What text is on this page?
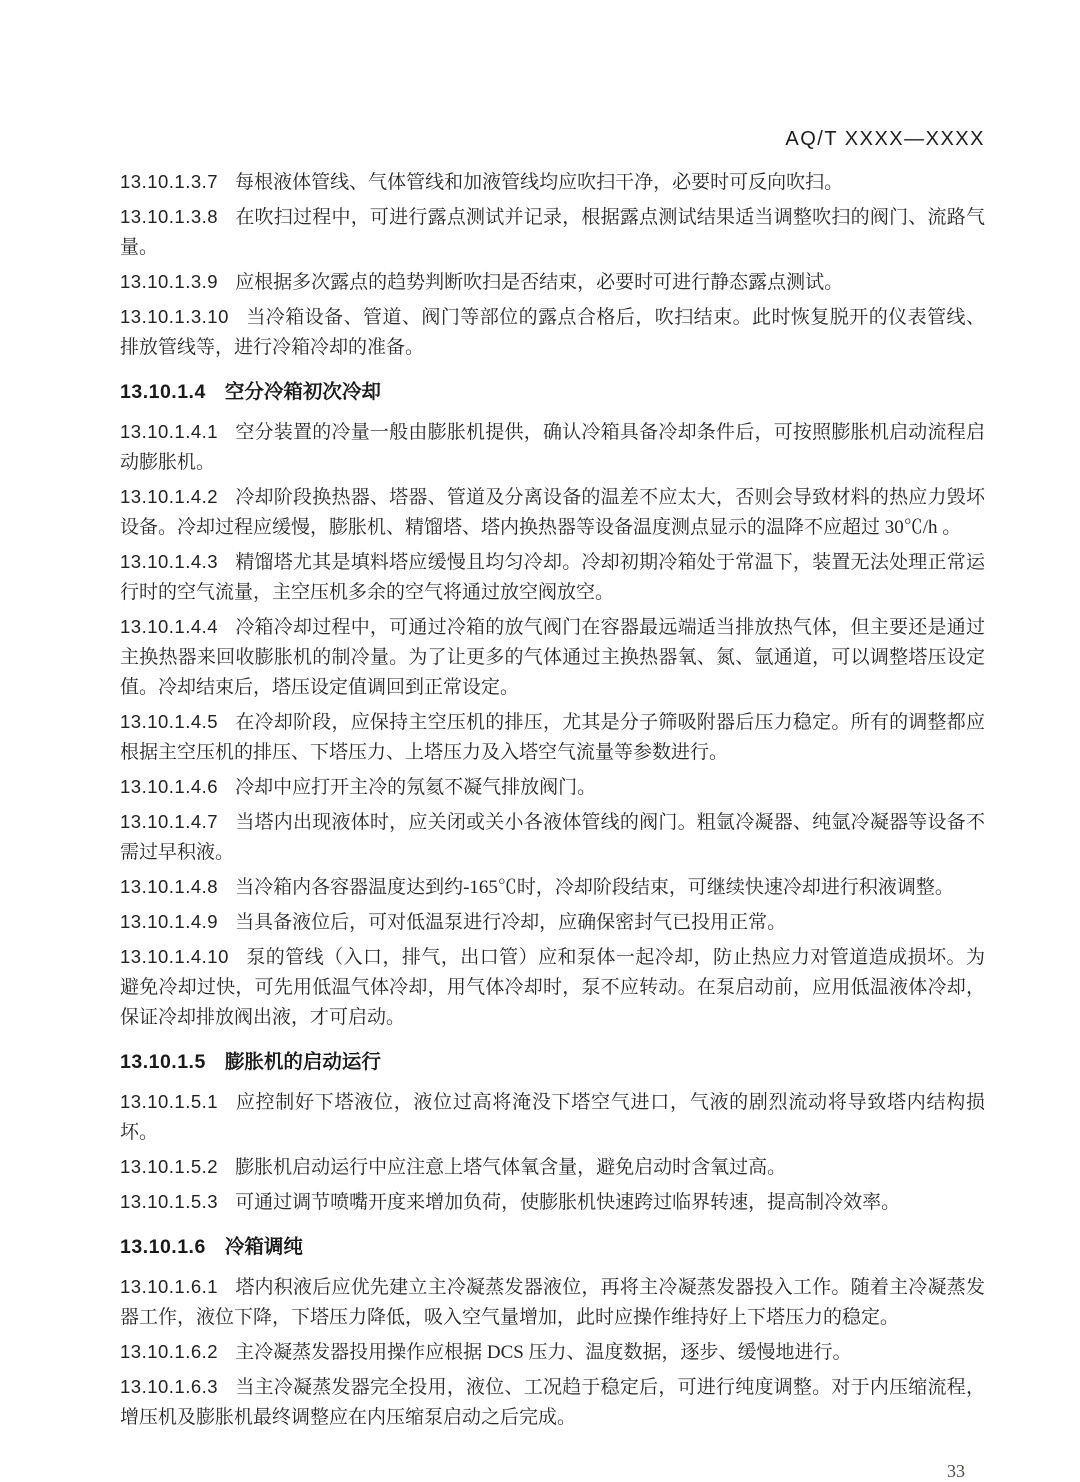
AQ/T XXXX—XXXX

13.10.1.3.7 每根液体管线、气体管线和加液管线均应吹扫干净，必要时可反向吹扫。

13.10.1.3.8 在吹扫过程中，可进行露点测试并记录，根据露点测试结果适当调整吹扫的阀门、流路气量。

13.10.1.3.9 应根据多次露点的趋势判断吹扫是否结束，必要时可进行静态露点测试。

13.10.1.3.10 当冷箱设备、管道、阀门等部位的露点合格后，吹扫结束。此时恢复脱开的仪表管线、排放管线等，进行冷箱冷却的准备。

13.10.1.4 空分冷箱初次冷却

13.10.1.4.1 空分装置的冷量一般由膨胀机提供，确认冷箱具备冷却条件后，可按照膨胀机启动流程启动膨胀机。

13.10.1.4.2 冷却阶段换热器、塔器、管道及分离设备的温差不应太大，否则会导致材料的热应力毁坏设备。冷却过程应缓慢，膨胀机、精馏塔、塔内换热器等设备温度测点显示的温降不应超过 30℃/h 。

13.10.1.4.3 精馏塔尤其是填料塔应缓慢且均匀冷却。冷却初期冷箱处于常温下，装置无法处理正常运行时的空气流量，主空压机多余的空气将通过放空阀放空。

13.10.1.4.4 冷箱冷却过程中，可通过冷箱的放气阀门在容器最远端适当排放热气体，但主要还是通过主换热器来回收膨胀机的制冷量。为了让更多的气体通过主换热器氧、氮、氩通道，可以调整塔压设定值。冷却结束后，塔压设定值调回到正常设定。

13.10.1.4.5 在冷却阶段，应保持主空压机的排压，尤其是分子筛吸附器后压力稳定。所有的调整都应根据主空压机的排压、下塔压力、上塔压力及入塔空气流量等参数进行。

13.10.1.4.6 冷却中应打开主冷的氖氦不凝气排放阀门。

13.10.1.4.7 当塔内出现液体时，应关闭或关小各液体管线的阀门。粗氩冷凝器、纯氩冷凝器等设备不需过早积液。

13.10.1.4.8 当冷箱内各容器温度达到约-165℃时，冷却阶段结束，可继续快速冷却进行积液调整。

13.10.1.4.9 当具备液位后，可对低温泵进行冷却，应确保密封气已投用正常。

13.10.1.4.10 泵的管线（入口，排气，出口管）应和泵体一起冷却，防止热应力对管道造成损坏。为避免冷却过快，可先用低温气体冷却，用气体冷却时，泵不应转动。在泵启动前，应用低温液体冷却，保证冷却排放阀出液，才可启动。

13.10.1.5 膨胀机的启动运行

13.10.1.5.1 应控制好下塔液位，液位过高将淹没下塔空气进口，气液的剧烈流动将导致塔内结构损坏。

13.10.1.5.2 膨胀机启动运行中应注意上塔气体氧含量，避免启动时含氧过高。

13.10.1.5.3 可通过调节喷嘴开度来增加负荷，使膨胀机快速跨过临界转速，提高制冷效率。

13.10.1.6 冷箱调纯

13.10.1.6.1 塔内积液后应优先建立主冷凝蒸发器液位，再将主冷凝蒸发器投入工作。随着主冷凝蒸发器工作，液位下降，下塔压力降低，吸入空气量增加，此时应操作维持好上下塔压力的稳定。

13.10.1.6.2 主冷凝蒸发器投用操作应根据 DCS 压力、温度数据，逐步、缓慢地进行。

13.10.1.6.3 当主冷凝蒸发器完全投用，液位、工况趋于稳定后，可进行纯度调整。对于内压缩流程，增压机及膨胀机最终调整应在内压缩泵启动之后完成。

33
